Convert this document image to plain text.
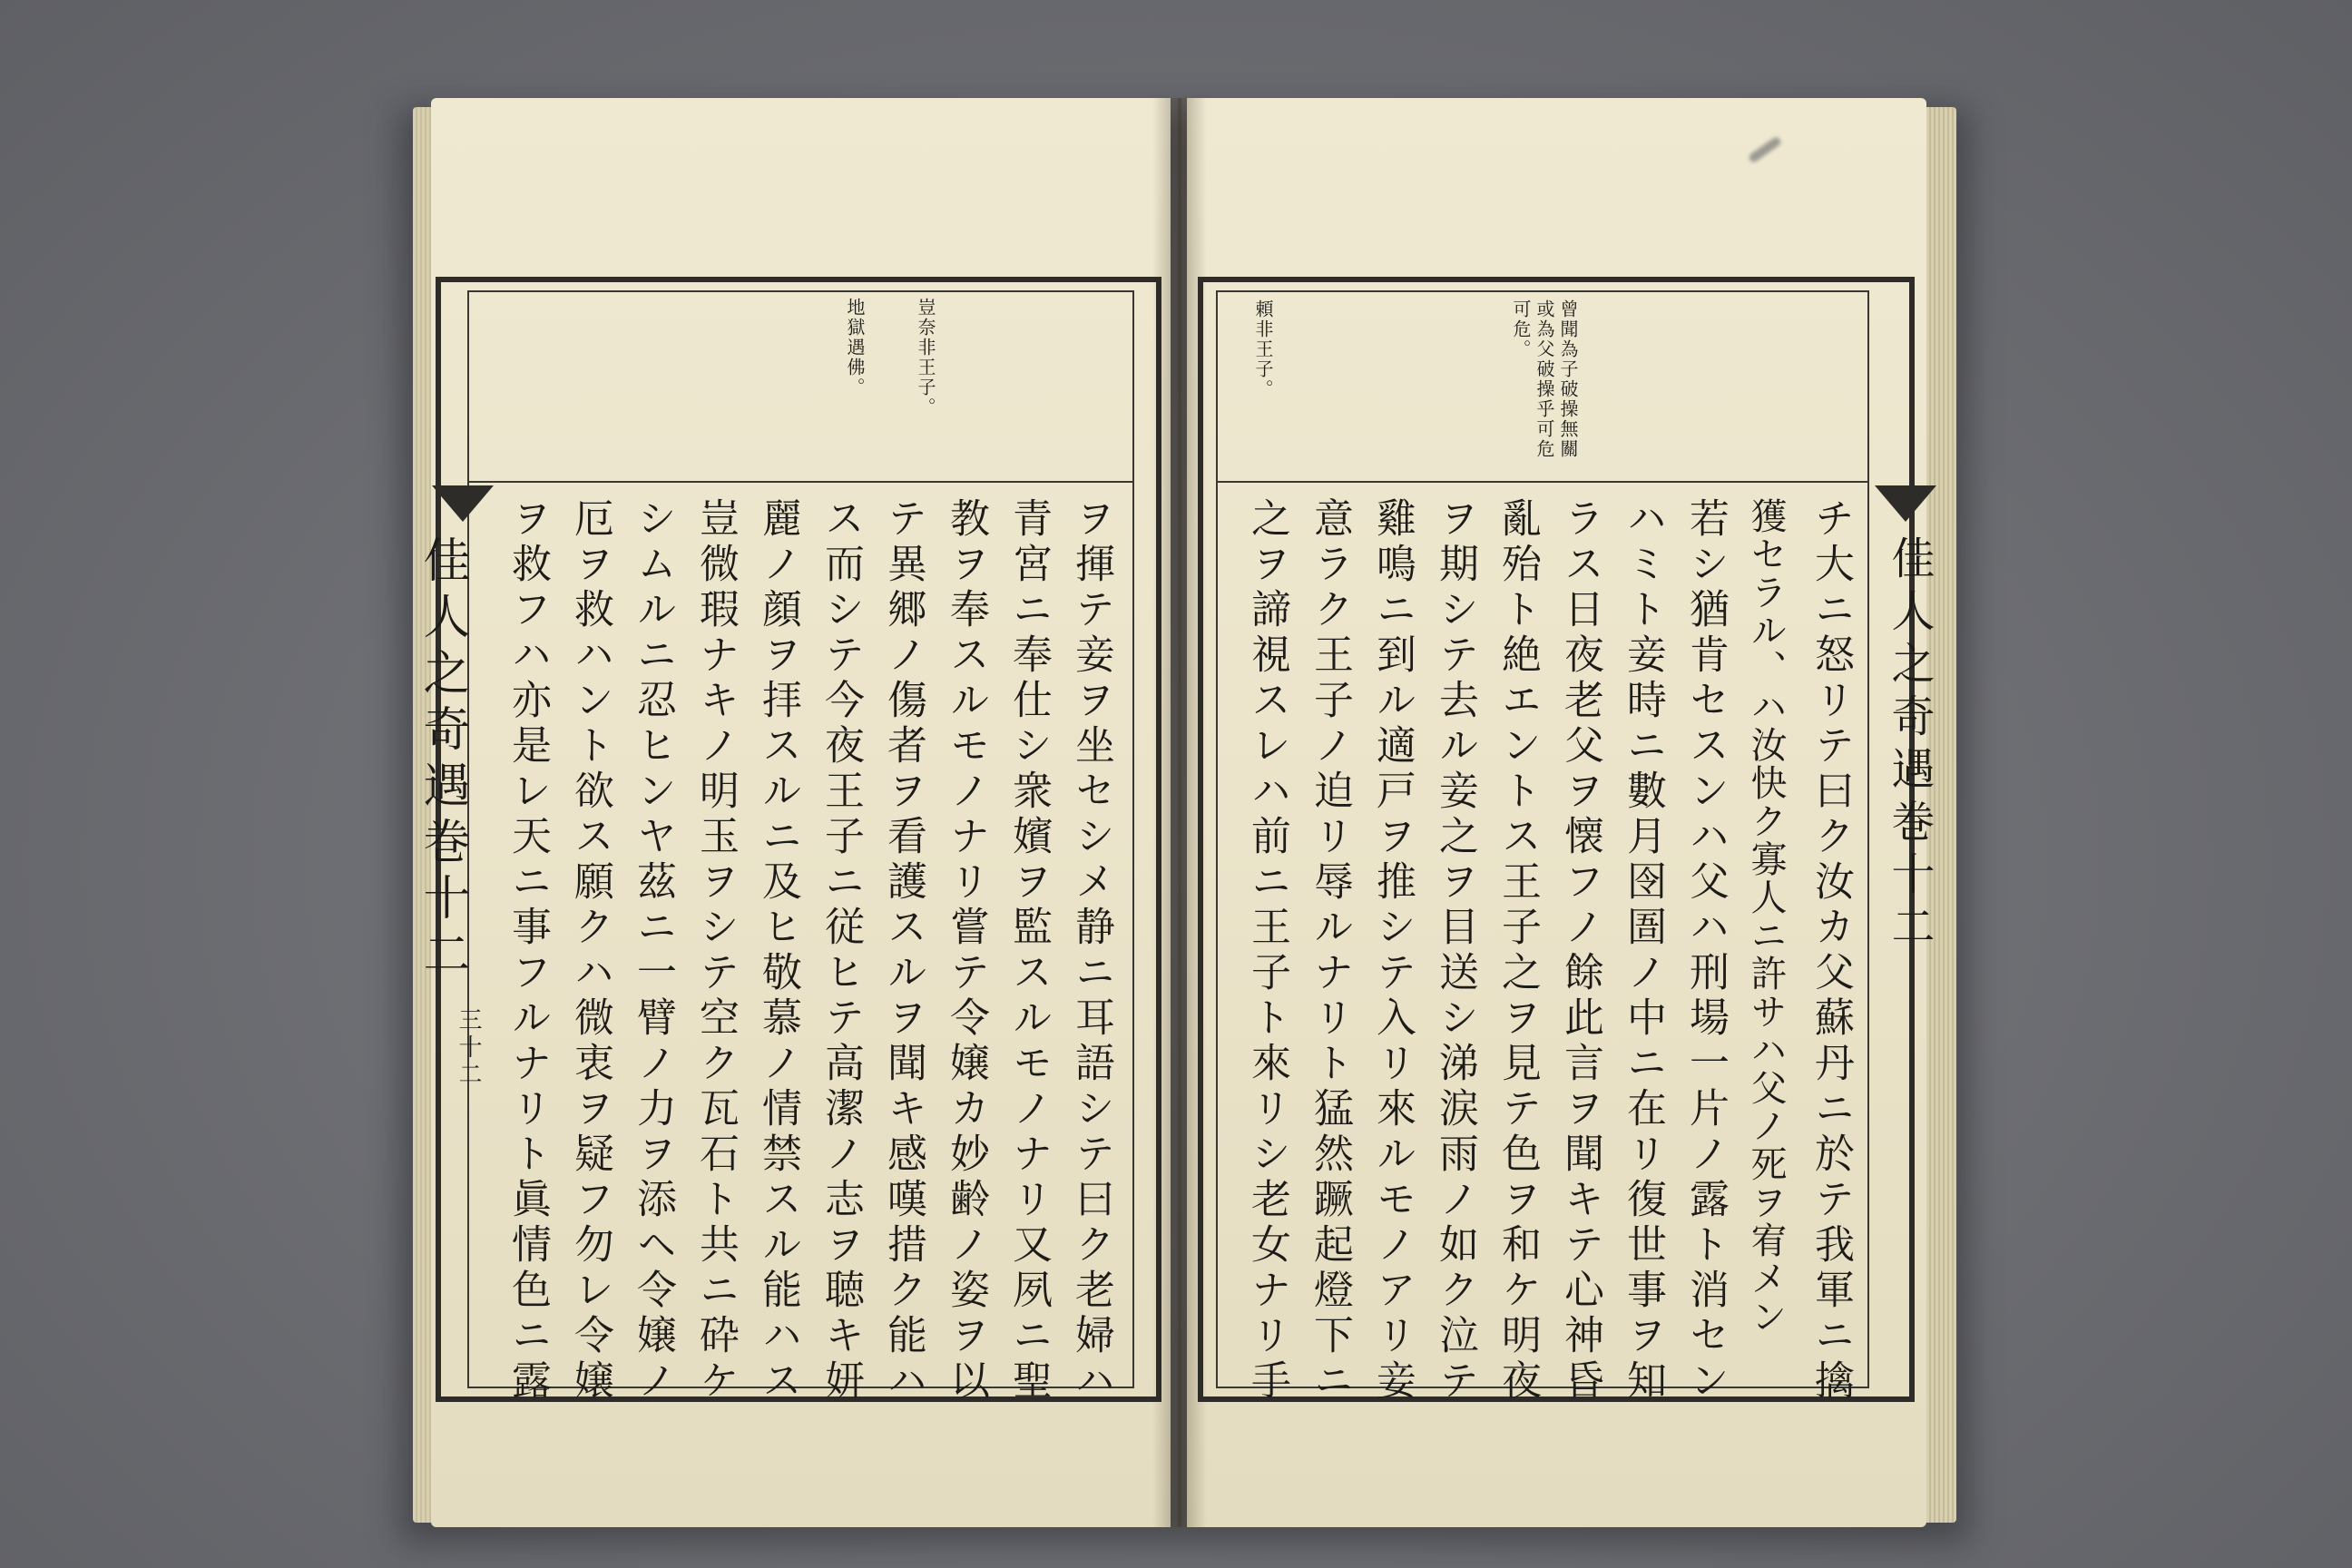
佳人之奇遇巻十二
三十二
豈奈非王子。
地獄遇佛。
ヲ揮テ妾ヲ坐セシメ静ニ耳語シテ曰ク老婦ハ
青宮ニ奉仕シ衆嬪ヲ監スルモノナリ又夙ニ聖
教ヲ奉スルモノナリ嘗テ令嬢カ妙齢ノ姿ヲ以
テ異郷ノ傷者ヲ看護スルヲ聞キ感嘆措ク能ハ
ス而シテ今夜王子ニ従ヒテ高潔ノ志ヲ聴キ妍
麗ノ顔ヲ拝スルニ及ヒ敬慕ノ情禁スル能ハス
豈微瑕ナキノ明玉ヲシテ空ク瓦石ト共ニ砕ケ
シムルニ忍ヒンヤ茲ニ一臂ノ力ヲ添ヘ令嬢ノ
厄ヲ救ハント欲ス願クハ微衷ヲ疑フ勿レ令嬢
ヲ救フハ亦是レ天ニ事フルナリト眞情色ニ露	佳人之奇遇巻十二
曾聞為子破操無關
或為父破操乎可危
可危。
頼非王子。
チ大ニ怒リテ曰ク汝カ父蘇丹ニ於テ我軍ニ擒
獲セラル、ハ汝快ク寡人ニ許サハ父ノ死ヲ宥メン
若シ猶肯セスンハ父ハ刑場一片ノ露ト消セン
ハミト妾時ニ數月囹圄ノ中ニ在リ復世事ヲ知
ラス日夜老父ヲ懐フノ餘此言ヲ聞キテ心神昏
亂殆ト絶エントス王子之ヲ見テ色ヲ和ケ明夜
ヲ期シテ去ル妾之ヲ目送シ涕涙雨ノ如ク泣テ
雞鳴ニ到ル適戸ヲ推シテ入リ來ルモノアリ妾
意ラク王子ノ迫リ辱ルナリト猛然蹶起燈下ニ
之ヲ諦視スレハ前ニ王子ト來リシ老女ナリ手
